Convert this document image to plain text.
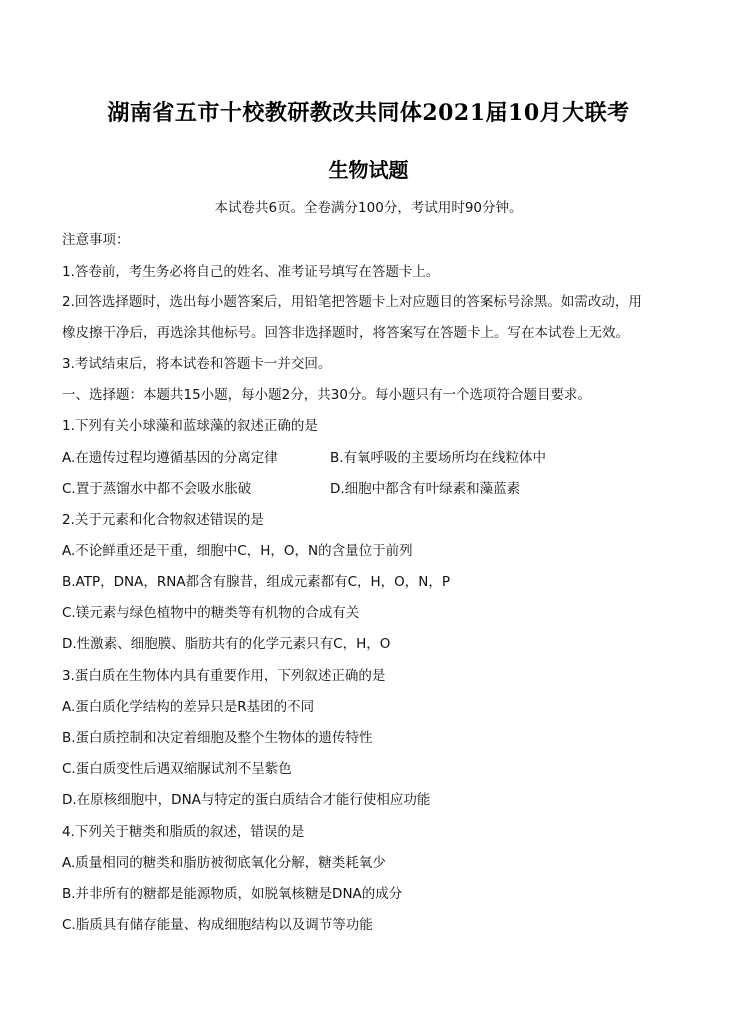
湖南省五市十校教研教改共同体2021届10月大联考
生物试题
本试卷共6页。全卷满分100分，考试用时90分钟。
注意事项：
1.答卷前，考生务必将自己的姓名、准考证号填写在答题卡上。
2.回答选择题时，选出每小题答案后，用铅笔把答题卡上对应题目的答案标号涂黑。如需改动，用
橡皮擦干净后，再选涂其他标号。回答非选择题时，将答案写在答题卡上。写在本试卷上无效。
3.考试结束后，将本试卷和答题卡一并交回。
一、选择题：本题共15小题，每小题2分，共30分。每小题只有一个选项符合题目要求。
1.下列有关小球藻和蓝球藻的叙述正确的是
A.在遗传过程均遵循基因的分离定律	B.有氧呼吸的主要场所均在线粒体中
C.置于蒸馏水中都不会吸水胀破	D.细胞中都含有叶绿素和藻蓝素
2.关于元素和化合物叙述错误的是
A.不论鲜重还是干重，细胞中C，H，O，N的含量位于前列
B.ATP，DNA，RNA都含有腺昔，组成元素都有C，H，O，N，P
C.镁元素与绿色植物中的糖类等有机物的合成有关
D.性激素、细胞膜、脂肪共有的化学元素只有C，H，O
3.蛋白质在生物体内具有重要作用，下列叙述正确的是
A.蛋白质化学结构的差异只是R基团的不同
B.蛋白质控制和决定着细胞及整个生物体的遗传特性
C.蛋白质变性后遇双缩脲试剂不呈紫色
D.在原核细胞中，DNA与特定的蛋白质结合才能行使相应功能
4.下列关于糖类和脂质的叙述，错误的是
A.质量相同的糖类和脂肪被彻底氧化分解，糖类耗氧少
B.并非所有的糖都是能源物质，如脱氧核糖是DNA的成分
C.脂质具有储存能量、构成细胞结构以及调节等功能
